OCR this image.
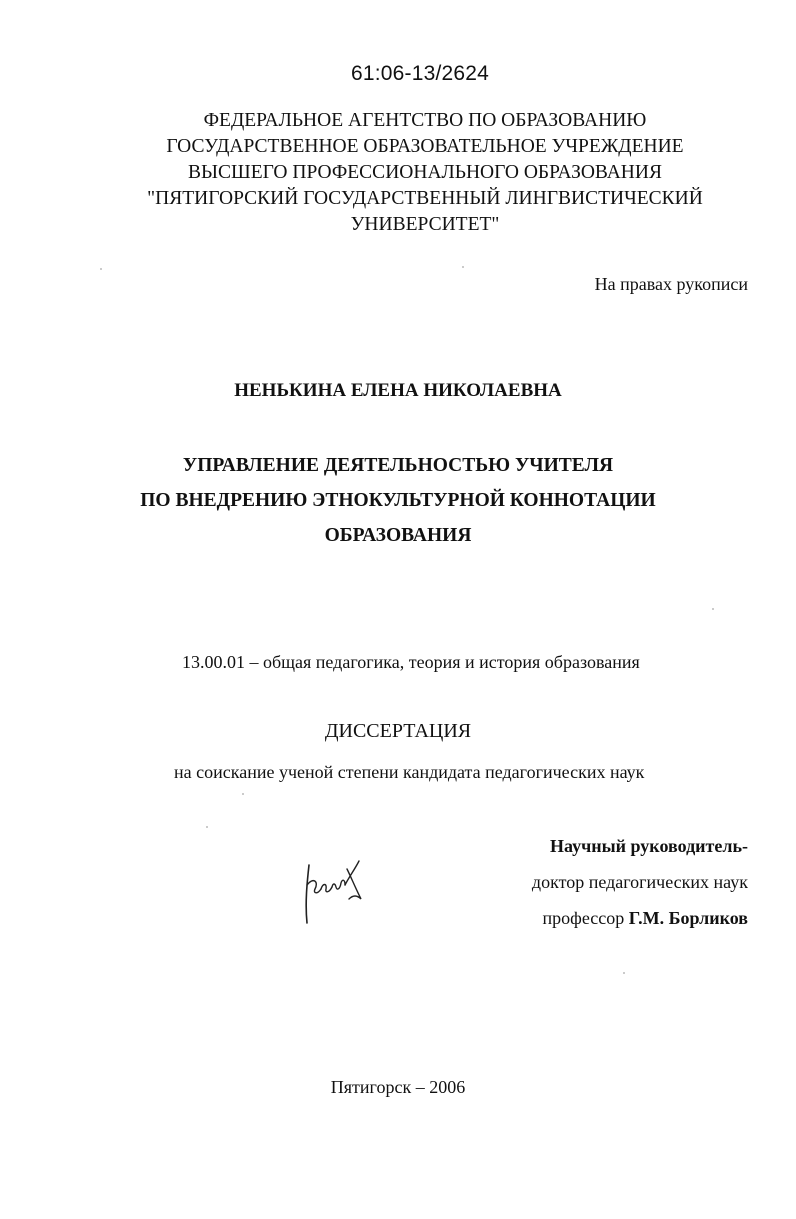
61:06-13/2624
ФЕДЕРАЛЬНОЕ АГЕНТСТВО ПО ОБРАЗОВАНИЮ
ГОСУДАРСТВЕННОЕ ОБРАЗОВАТЕЛЬНОЕ УЧРЕЖДЕНИЕ
ВЫСШЕГО ПРОФЕССИОНАЛЬНОГО ОБРАЗОВАНИЯ
"ПЯТИГОРСКИЙ ГОСУДАРСТВЕННЫЙ ЛИНГВИСТИЧЕСКИЙ
УНИВЕРСИТЕТ"
На правах рукописи
НЕНЬКИНА ЕЛЕНА НИКОЛАЕВНА
УПРАВЛЕНИЕ ДЕЯТЕЛЬНОСТЬЮ УЧИТЕЛЯ
ПО ВНЕДРЕНИЮ ЭТНОКУЛЬТУРНОЙ КОННОТАЦИИ
ОБРАЗОВАНИЯ
13.00.01 – общая педагогика, теория и история образования
ДИССЕРТАЦИЯ
на соискание ученой степени кандидата педагогических наук
Научный руководитель-
доктор педагогических наук
профессор Г.М. Борликов
Пятигорск – 2006
